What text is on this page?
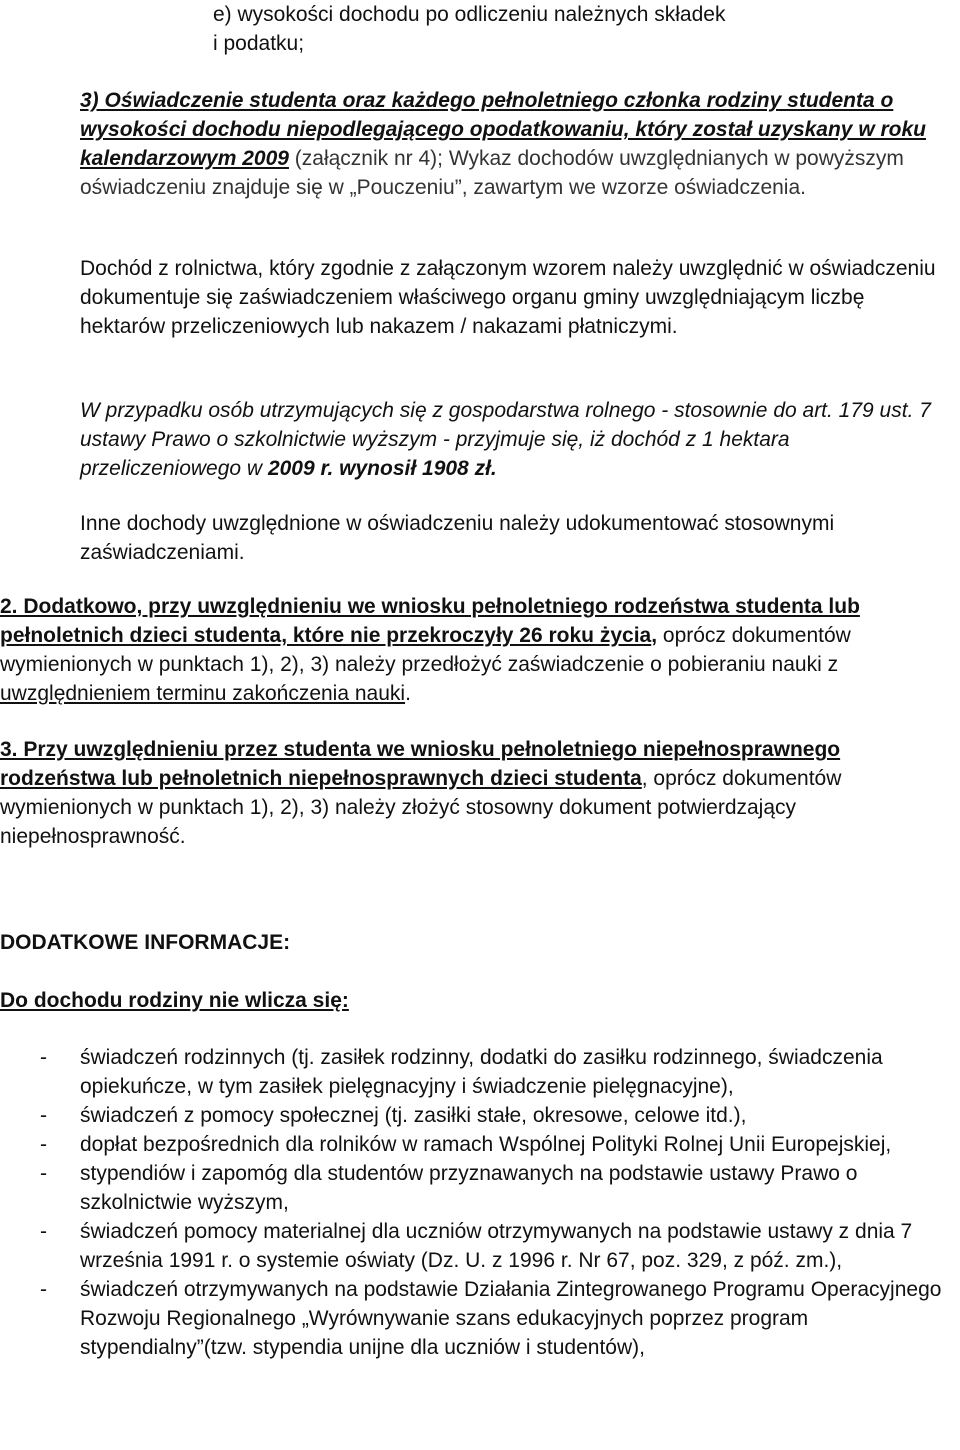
e) wysokości dochodu po odliczeniu należnych składek
i podatku;

3) Oświadczenie studenta oraz każdego pełnoletniego członka rodziny studenta o wysokości dochodu niepodlegającego opodatkowaniu, który został uzyskany w roku kalendarzowym 2009 (załącznik nr 4); Wykaz dochodów uwzględnianych w powyższym oświadczeniu znajduje się w „Pouczeniu”, zawartym we wzorze oświadczenia.

Dochód z rolnictwa, który zgodnie z załączonym wzorem należy uwzględnić w oświadczeniu dokumentuje się zaświadczeniem właściwego organu gminy uwzględniającym liczbę hektarów przeliczeniowych lub nakazem / nakazami płatniczymi.

W przypadku osób utrzymujących się z gospodarstwa rolnego - stosownie do art. 179 ust. 7 ustawy Prawo o szkolnictwie wyższym - przyjmuje się, iż dochód z 1 hektara przeliczeniowego w 2009 r. wynosił 1908 zł.

Inne dochody uwzględnione w oświadczeniu należy udokumentować stosownymi zaświadczeniami.

2. Dodatkowo, przy uwzględnieniu we wniosku pełnoletniego rodzeństwa studenta lub pełnoletnich dzieci studenta, które nie przekroczyły 26 roku życia, oprócz dokumentów wymienionych w punktach 1), 2), 3) należy przedłożyć zaświadczenie o pobieraniu nauki z uwzględnieniem terminu zakończenia nauki.

3. Przy uwzględnieniu przez studenta we wniosku pełnoletniego niepełnosprawnego rodzeństwa lub pełnoletnich niepełnosprawnych dzieci studenta, oprócz dokumentów wymienionych w punktach 1), 2), 3) należy złożyć stosowny dokument potwierdzający niepełnosprawność.

DODATKOWE INFORMACJE:

Do dochodu rodziny nie wlicza się:

- świadczeń rodzinnych (tj. zasiłek rodzinny, dodatki do zasiłku rodzinnego, świadczenia opiekuńcze, w tym zasiłek pielęgnacyjny i świadczenie pielęgnacyjne),
- świadczeń z pomocy społecznej (tj. zasiłki stałe, okresowe, celowe itd.),
- dopłat bezpośrednich dla rolników w ramach Wspólnej Polityki Rolnej Unii Europejskiej,
- stypendiów i zapomóg dla studentów przyznawanych na podstawie ustawy Prawo o szkolnictwie wyższym,
- świadczeń pomocy materialnej dla uczniów otrzymywanych na podstawie ustawy z dnia 7 września 1991 r. o systemie oświaty (Dz. U. z 1996 r. Nr 67, poz. 329, z póź. zm.),
- świadczeń otrzymywanych na podstawie Działania Zintegrowanego Programu Operacyjnego Rozwoju Regionalnego „Wyrównywanie szans edukacyjnych poprzez program stypendialny”(tzw. stypendia unijne dla uczniów i studentów),
